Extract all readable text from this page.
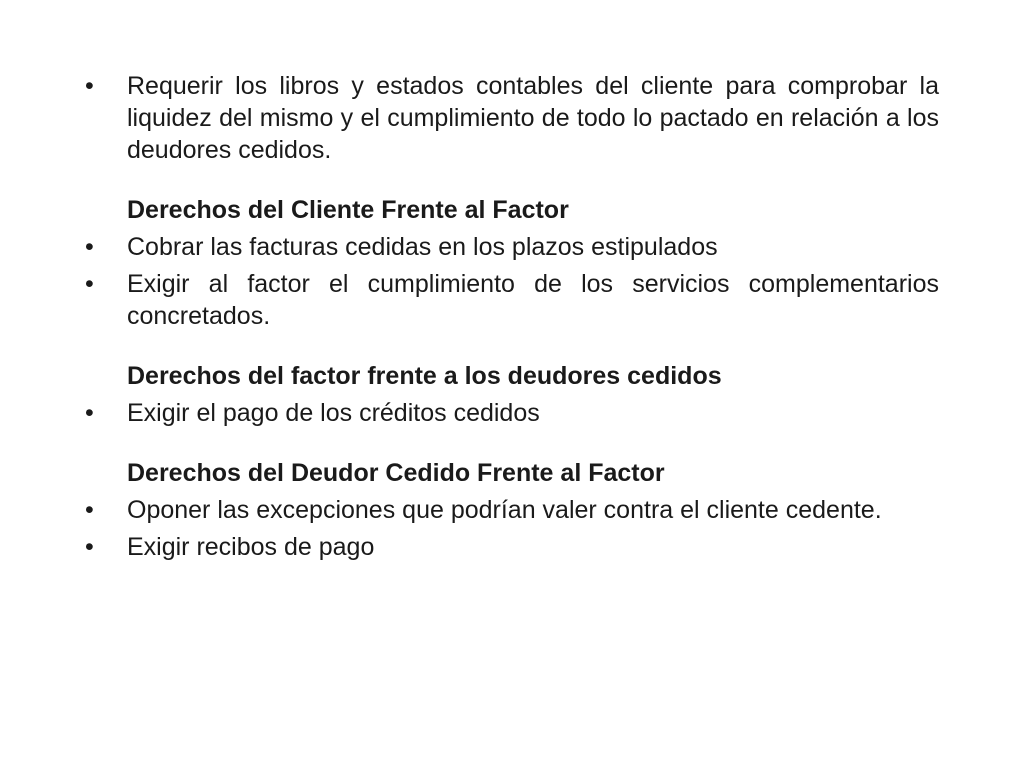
•	Requerir los libros y estados contables del cliente para comprobar la liquidez del mismo y el cumplimiento de todo lo pactado en relación a los deudores cedidos.

Derechos del Cliente Frente al Factor

•	Cobrar las facturas cedidas en los plazos estipulados

•	Exigir al factor el cumplimiento de los servicios complementarios concretados.

Derechos del factor frente a los deudores cedidos

•	Exigir el pago de los créditos cedidos

Derechos del Deudor Cedido Frente al Factor

•	Oponer las excepciones que podrían valer contra el cliente cedente.

•	Exigir recibos de pago
